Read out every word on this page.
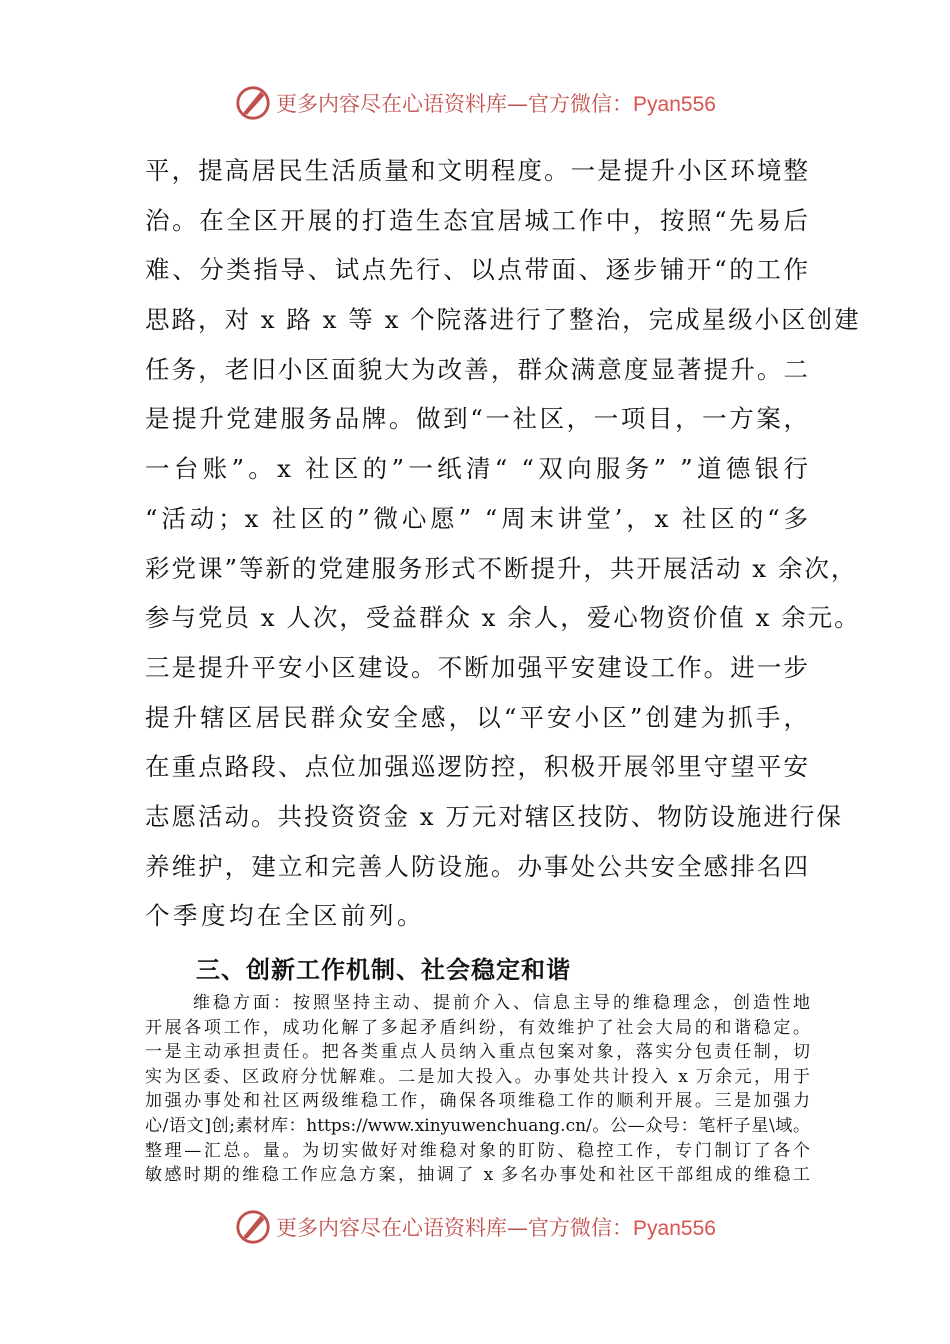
更多内容尽在心语资料库—官方微信：Pyan556
平，提高居民生活质量和文明程度。一是提升小区环境整
治。在全区开展的打造生态宜居城工作中，按照“先易后
难、分类指导、试点先行、以点带面、逐步铺开“的工作
思路，对 x 路 x 等 x 个院落进行了整治，完成星级小区创建
任务，老旧小区面貌大为改善，群众满意度显著提升。二
是提升党建服务品牌。做到“一社区，一项目，一方案，
一台账”。x 社区的”一纸清“ “双向服务” ”道德银行
“活动；x 社区的”微心愿” “周末讲堂’，x 社区的“多
彩党课”等新的党建服务形式不断提升，共开展活动 x 余次，
参与党员 x 人次，受益群众 x 余人，爱心物资价值 x 余元。
三是提升平安小区建设。不断加强平安建设工作。进一步
提升辖区居民群众安全感，以“平安小区”创建为抓手，
在重点路段、点位加强巡逻防控，积极开展邻里守望平安
志愿活动。共投资资金 x 万元对辖区技防、物防设施进行保
养维护，建立和完善人防设施。办事处公共安全感排名四
个季度均在全区前列。
三、创新工作机制、社会稳定和谐
维稳方面：按照坚持主动、提前介入、信息主导的维稳理念，创造性地
开展各项工作，成功化解了多起矛盾纠纷，有效维护了社会大局的和谐稳定。
一是主动承担责任。把各类重点人员纳入重点包案对象，落实分包责任制，切
实为区委、区政府分忧解难。二是加大投入。办事处共计投入 x 万余元，用于
加强办事处和社区两级维稳工作，确保各项维稳工作的顺利开展。三是加强力
心/语文]创;素材库：https://www.xinyuwenchuang.cn/。公—众号：笔杆子星\域。
整理—汇总。量。为切实做好对维稳对象的盯防、稳控工作，专门制订了各个
敏感时期的维稳工作应急方案，抽调了 x 多名办事处和社区干部组成的维稳工
更多内容尽在心语资料库—官方微信：Pyan556
